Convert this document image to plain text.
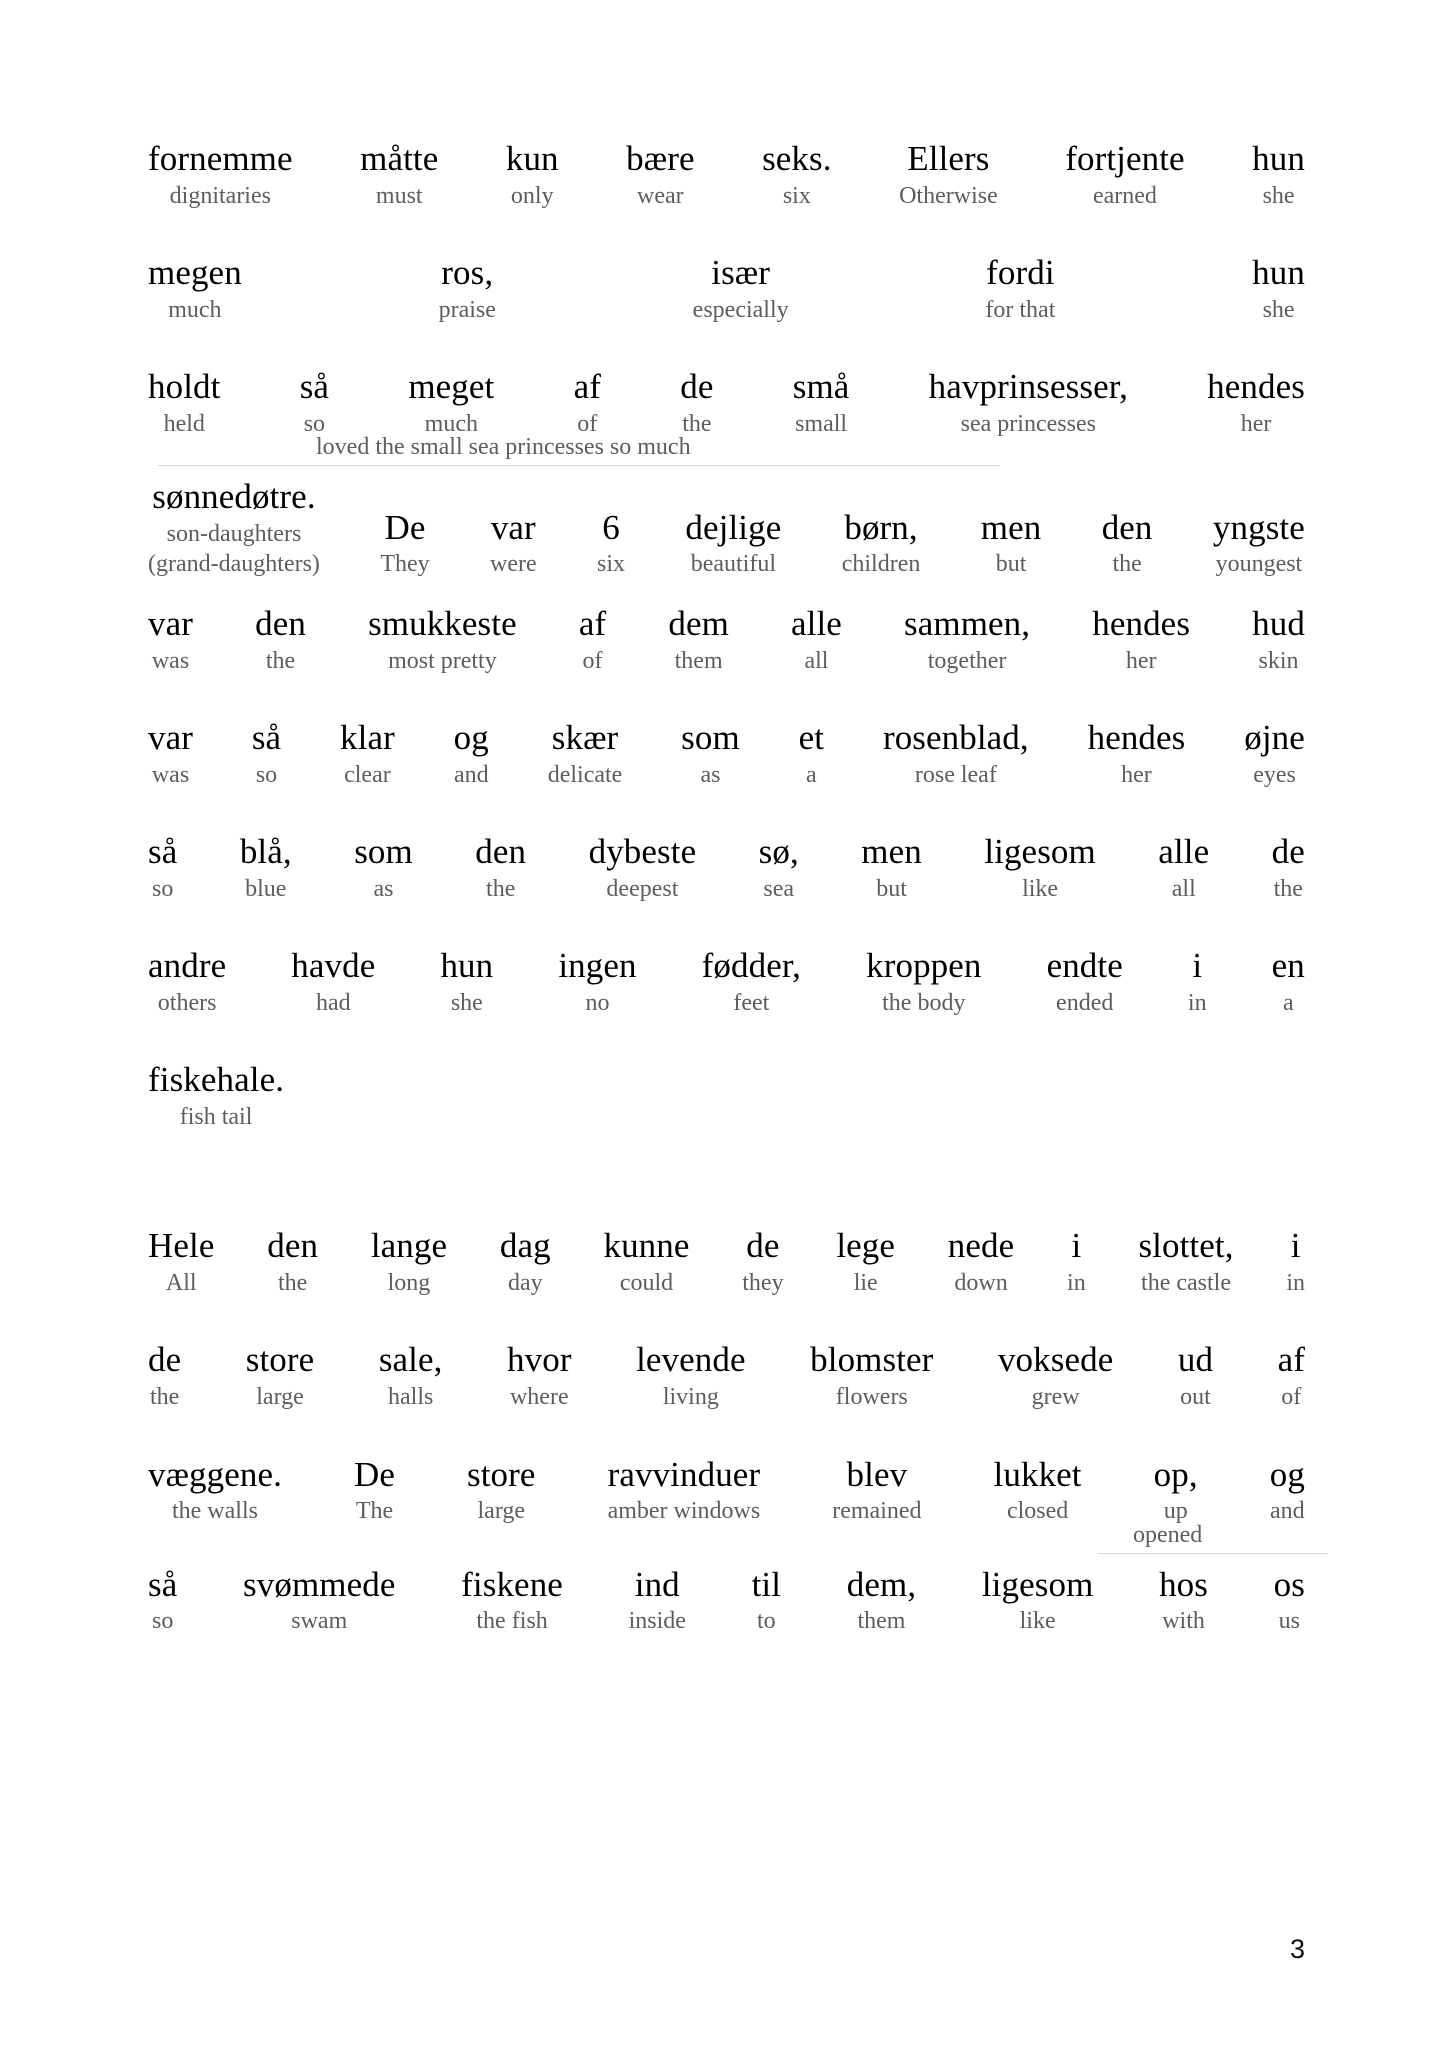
fornemme
dignitaries
måtte
must
kun
only
bære
wear
seks.
six
Ellers
Otherwise
fortjente
earned
hun
she
megen
much
ros,
praise
især
especially
fordi
for that
hun
she
holdt
held
så
so
meget
much
af
of
de
the
små
small
havprinsesser,
sea princesses
hendes
her
loved the small sea princesses so much
sønnedøtre.
son-daughters
(grand-daughters)
De
They
var
were
6
six
dejlige
beautiful
børn,
children
men
but
den
the
yngste
youngest
var
was
den
the
smukkeste
most pretty
af
of
dem
them
alle
all
sammen,
together
hendes
her
hud
skin
var
was
så
so
klar
clear
og
and
skær
delicate
som
as
et
a
rosenblad,
rose leaf
hendes
her
øjne
eyes
så
so
blå,
blue
som
as
den
the
dybeste
deepest
sø,
sea
men
but
ligesom
like
alle
all
de
the
andre
others
havde
had
hun
she
ingen
no
fødder,
feet
kroppen
the body
endte
ended
i
in
en
a
fiskehale.
fish tail
Hele
All
den
the
lange
long
dag
day
kunne
could
de
they
lege
lie
nede
down
i
in
slottet,
the castle
i
in
de
the
store
large
sale,
halls
hvor
where
levende
living
blomster
flowers
voksede
grew
ud
out
af
of
væggene.
the walls
De
The
store
large
ravvinduer
amber windows
blev
remained
lukket
closed
op,
up
og
and
opened
så
so
svømmede
swam
fiskene
the fish
ind
inside
til
to
dem,
them
ligesom
like
hos
with
os
us
3
